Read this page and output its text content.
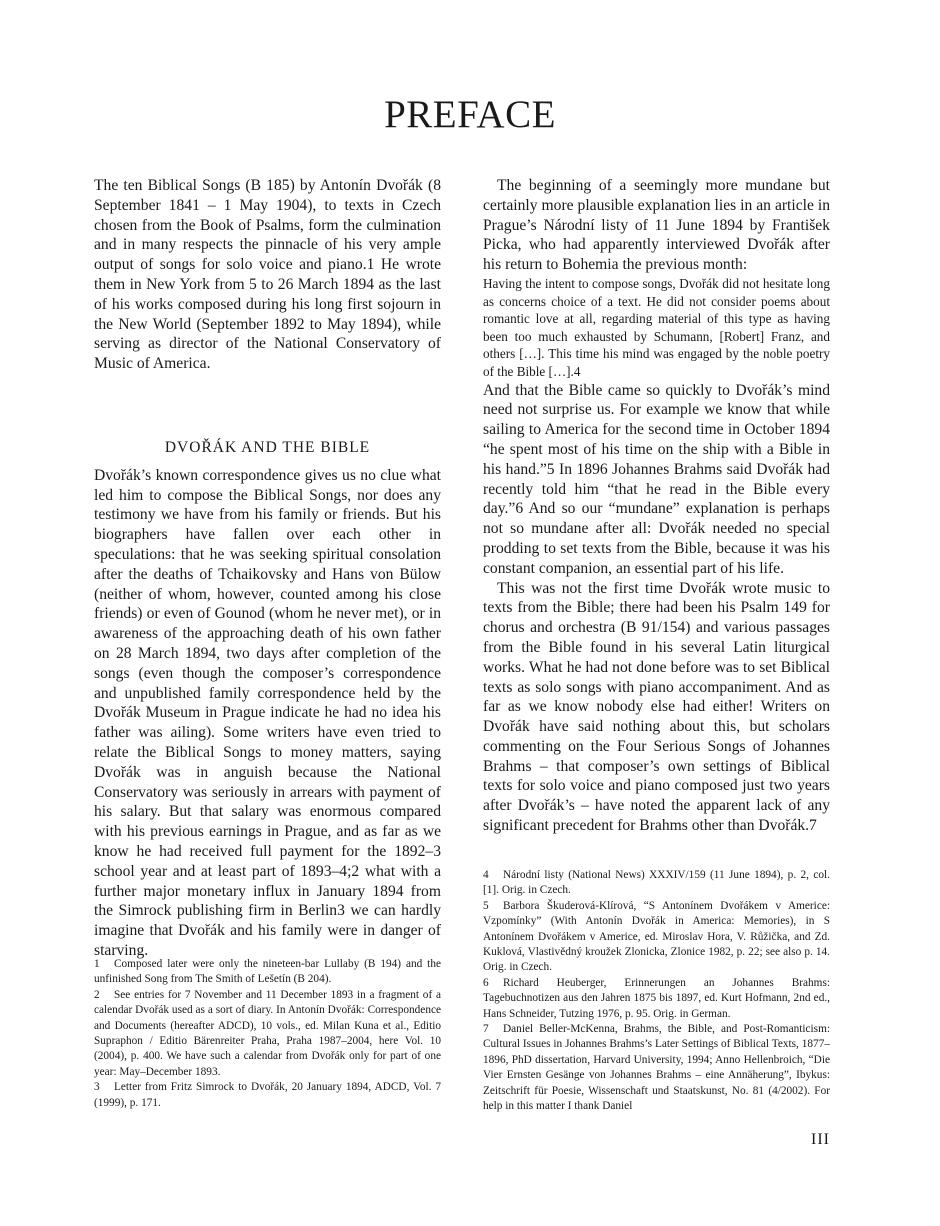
PREFACE

The ten Biblical Songs (B 185) by Antonín Dvořák (8 September 1841 – 1 May 1904), to texts in Czech chosen from the Book of Psalms, form the culmination and in many respects the pinnacle of his very ample output of songs for solo voice and piano.1 He wrote them in New York from 5 to 26 March 1894 as the last of his works composed during his long first sojourn in the New World (September 1892 to May 1894), while serving as director of the National Conservatory of Music of America.

DVOŘÁK AND THE BIBLE

Dvořák’s known correspondence gives us no clue what led him to compose the Biblical Songs, nor does any testimony we have from his family or friends. But his biographers have fallen over each other in speculations: that he was seeking spiritual consolation after the deaths of Tchaikovsky and Hans von Bülow (neither of whom, however, counted among his close friends) or even of Gounod (whom he never met), or in awareness of the approaching death of his own father on 28 March 1894, two days after completion of the songs (even though the composer’s correspondence and unpublished family correspondence held by the Dvořák Museum in Prague indicate he had no idea his father was ailing). Some writers have even tried to relate the Biblical Songs to money matters, saying Dvořák was in anguish because the National Conservatory was seriously in arrears with payment of his salary. But that salary was enormous compared with his previous earnings in Prague, and as far as we know he had received full payment for the 1892–3 school year and at least part of 1893–4;2 what with a further major monetary influx in January 1894 from the Simrock publishing firm in Berlin3 we can hardly imagine that Dvořák and his family were in danger of starving.

The beginning of a seemingly more mundane but certainly more plausible explanation lies in an article in Prague’s Národní listy of 11 June 1894 by František Picka, who had apparently interviewed Dvořák after his return to Bohemia the previous month:

Having the intent to compose songs, Dvořák did not hesitate long as concerns choice of a text. He did not consider poems about romantic love at all, regarding material of this type as having been too much exhausted by Schumann, [Robert] Franz, and others […]. This time his mind was engaged by the noble poetry of the Bible […].4

And that the Bible came so quickly to Dvořák’s mind need not surprise us. For example we know that while sailing to America for the second time in October 1894 “he spent most of his time on the ship with a Bible in his hand.”5 In 1896 Johannes Brahms said Dvořák had recently told him “that he read in the Bible every day.”6 And so our “mundane” explanation is perhaps not so mundane after all: Dvořák needed no special prodding to set texts from the Bible, because it was his constant companion, an essential part of his life.

This was not the first time Dvořák wrote music to texts from the Bible; there had been his Psalm 149 for chorus and orchestra (B 91/154) and various passages from the Bible found in his several Latin liturgical works. What he had not done before was to set Biblical texts as solo songs with piano accompaniment. And as far as we know nobody else had either! Writers on Dvořák have said nothing about this, but scholars commenting on the Four Serious Songs of Johannes Brahms – that composer’s own settings of Biblical texts for solo voice and piano composed just two years after Dvořák’s – have noted the apparent lack of any significant precedent for Brahms other than Dvořák.7

1 Composed later were only the nineteen-bar Lullaby (B 194) and the unfinished Song from The Smith of Lešetín (B 204).

2 See entries for 7 November and 11 December 1893 in a fragment of a calendar Dvořák used as a sort of diary. In Antonín Dvořák: Correspondence and Documents (hereafter ADCD), 10 vols., ed. Milan Kuna et al., Editio Supraphon / Editio Bärenreiter Praha, Praha 1987–2004, here Vol. 10 (2004), p. 400. We have such a calendar from Dvořák only for part of one year: May–December 1893.

3 Letter from Fritz Simrock to Dvořák, 20 January 1894, ADCD, Vol. 7 (1999), p. 171.

4 Národní listy (National News) XXXIV/159 (11 June 1894), p. 2, col. [1]. Orig. in Czech.

5 Barbora Škuderová-Klírová, “S Antonínem Dvořákem v Americe: Vzpomínky” (With Antonín Dvořák in America: Memories), in S Antonínem Dvořákem v Americe, ed. Miroslav Hora, V. Růžička, and Zd. Kuklová, Vlastivědný kroužek Zlonicka, Zlonice 1982, p. 22; see also p. 14. Orig. in Czech.

6 Richard Heuberger, Erinnerungen an Johannes Brahms: Tagebuchnotizen aus den Jahren 1875 bis 1897, ed. Kurt Hofmann, 2nd ed., Hans Schneider, Tutzing 1976, p. 95. Orig. in German.

7 Daniel Beller-McKenna, Brahms, the Bible, and Post-Romanticism: Cultural Issues in Johannes Brahms’s Later Settings of Biblical Texts, 1877–1896, PhD dissertation, Harvard University, 1994; Anno Hellenbroich, “Die Vier Ernsten Gesänge von Johannes Brahms – eine Annäherung”, Ibykus: Zeitschrift für Poesie, Wissenschaft und Staatskunst, No. 81 (4/2002). For help in this matter I thank Daniel

III
